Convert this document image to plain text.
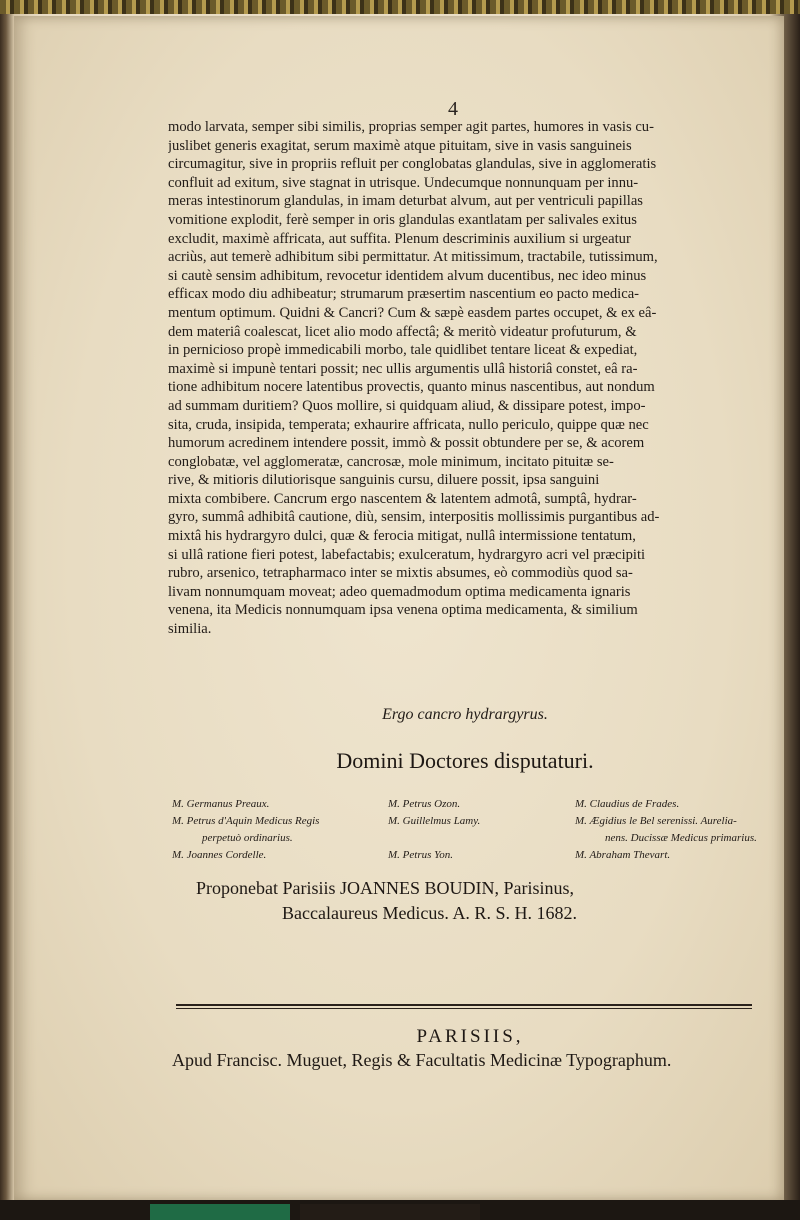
4
modo larvata, semper sibi similis, proprias semper agit partes, humores in vasis cu-
juslibet generis exagitat, serum maximè atque pituitam, sive in vasis sanguineis
circumagitur, sive in propriis refluit per conglobatas glandulas, sive in agglomeratis
confluit ad exitum, sive stagnat in utrisque. Undecumque nonnunquam per innu-
meras intestinorum glandulas, in imam deturbat alvum, aut per ventriculi papillas
vomitione explodit, ferè semper in oris glandulas exantlatam per salivales exitus
excludit, maximè affricata, aut suffita. Plenum descriminis auxilium si urgeatur
acriùs, aut temerè adhibitum sibi permittatur. At mitissimum, tractabile, tutissimum,
si cautè sensim adhibitum, revocetur identidem alvum ducentibus, nec ideo minus
efficax modo diu adhibeatur; strumarum præsertim nascentium eo pacto medica-
mentum optimum. Quidni & Cancri? Cum & sæpè easdem partes occupet, & ex eâ-
dem materiâ coalescat, licet alio modo affectâ; & meritò videatur profuturum, &
in pernicioso propè immedicabili morbo, tale quidlibet tentare liceat & expediat,
maximè si impunè tentari possit; nec ullis argumentis ullâ historiâ constet, eâ ra-
tione adhibitum nocere latentibus provectis, quanto minus nascentibus, aut nondum
ad summam duritiem? Quos mollire, si quidquam aliud, & dissipare potest, impo-
sita, cruda, insipida, temperata; exhaurire affricata, nullo periculo, quippe quæ nec
humorum acredinem intendere possit, immò & possit obtundere per se, & acorem
conglobatæ, vel agglomeratæ, cancrosæ, mole minimum, incitato pituitæ se-
rive, & mitioris dilutiorisque sanguinis cursu, diluere possit, ipsa sanguini
mixta combibere. Cancrum ergo nascentem & latentem admotâ, sumptâ, hydrar-
gyro, summâ adhibitâ cautione, diù, sensim, interpositis mollissimis purgantibus ad-
mixtâ his hydrargyro dulci, quæ & ferocia mitigat, nullâ intermissione tentatum,
si ullâ ratione fieri potest, labefactabis; exulceratum, hydrargyro acri vel præcipiti
rubro, arsenico, tetrapharmaco inter se mixtis absumes, eò commodiùs quod sa-
livam nonnumquam moveat; adeo quemadmodum optima medicamenta ignaris
venena, ita Medicis nonnumquam ipsa venena optima medicamenta, & similium
similia.
Ergo cancro hydrargyrus.
Domini Doctores disputaturi.
M. Germanus Preaux.
M. Petrus d'Aquin Medicus Regis
perpetuò ordinarius.
M. Joannes Cordelle.
M. Petrus Ozon.
M. Guillelmus Lamy.

M. Petrus Yon.
M. Claudius de Frades.
M. Ægidius le Bel serenissi. Aurelia-
nens. Ducissæ Medicus primarius.
M. Abraham Thevart.
Proponebat Parisiis JOANNES BOUDIN, Parisinus,
Baccalaureus Medicus. A. R. S. H. 1682.
PARISIIS,
Apud Francisc. Muguet, Regis & Facultatis Medicinæ Typographum.
